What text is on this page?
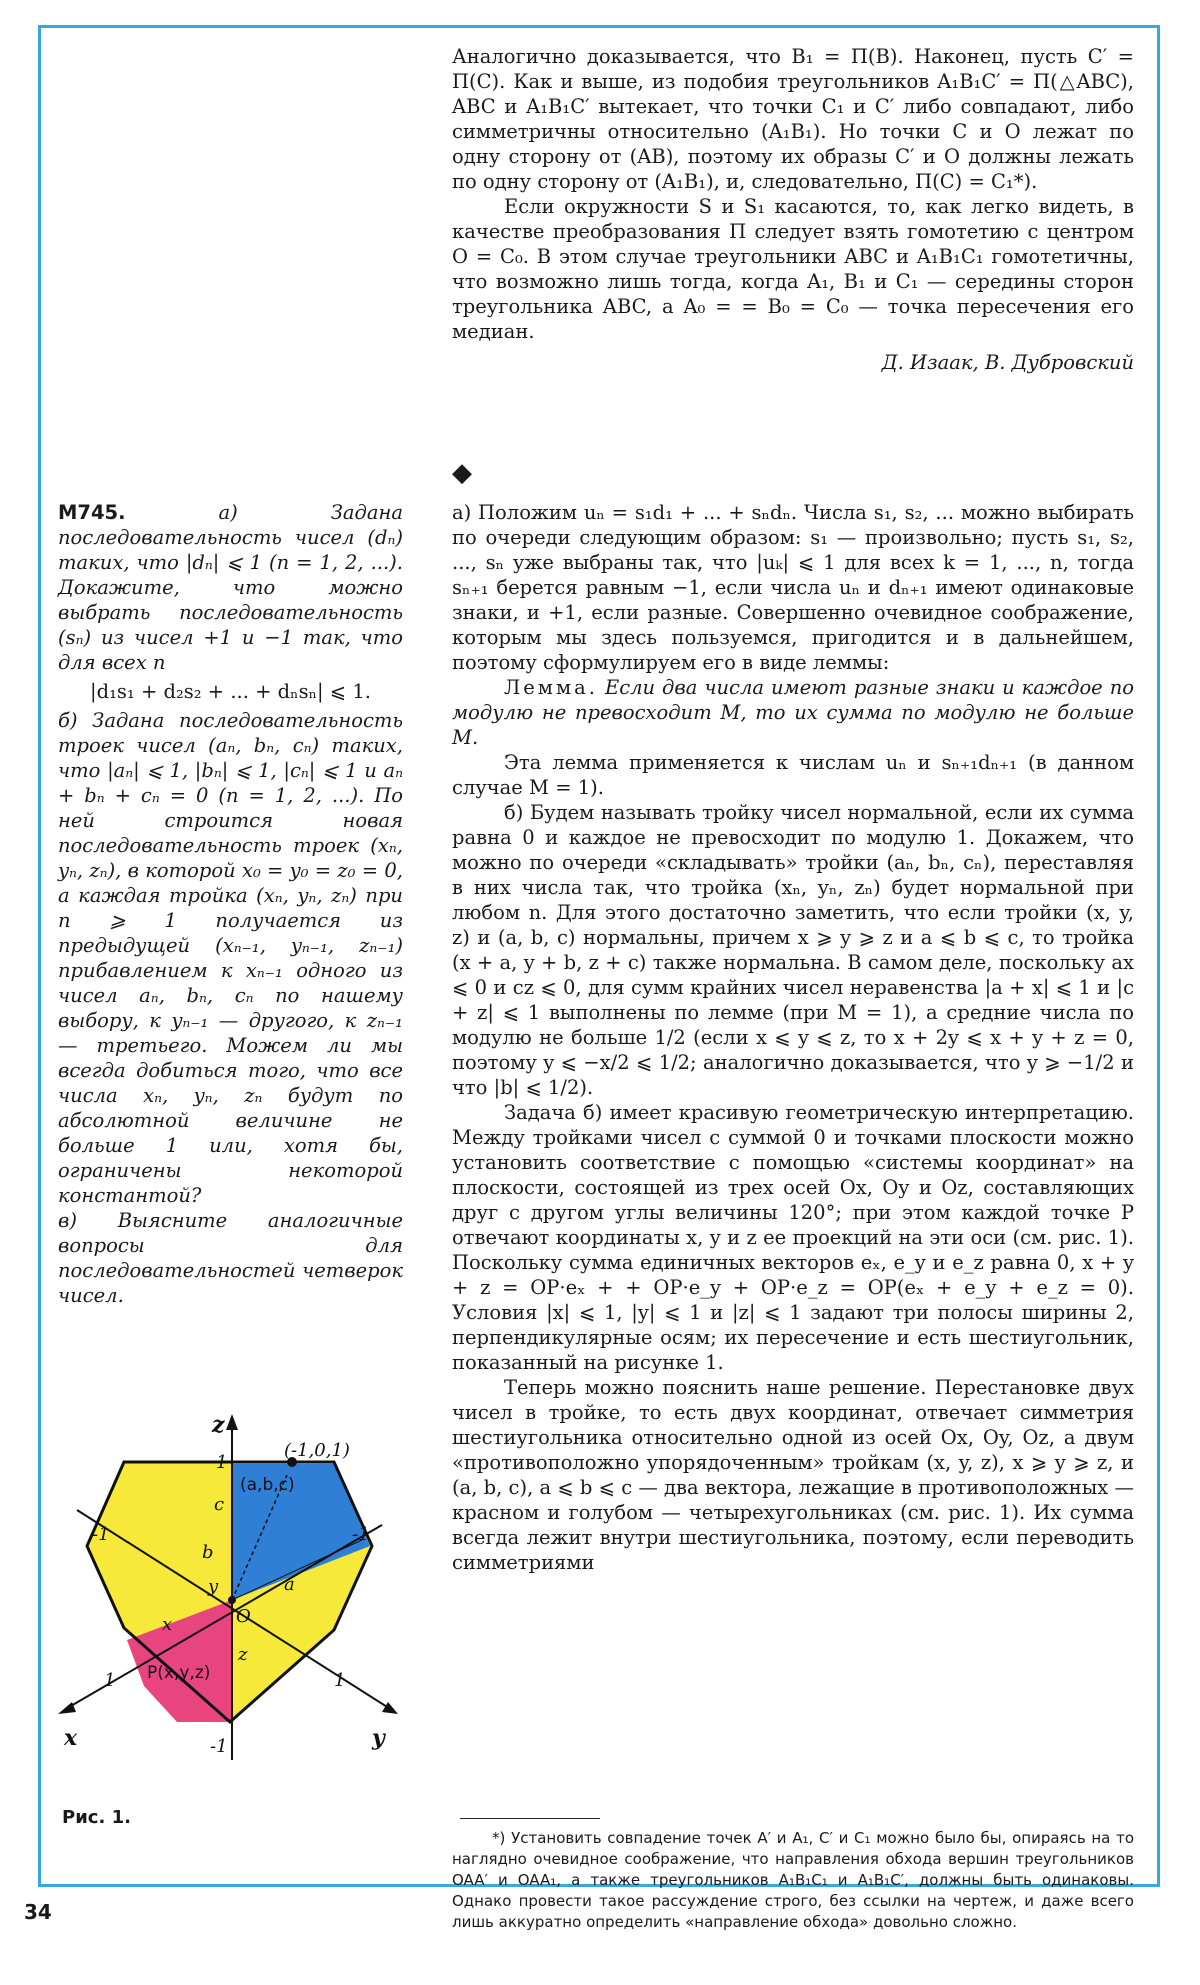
Аналогично доказывается, что B₁ = Π(B). Наконец, пусть C′ = Π(C). Как и выше, из подобия треугольников A₁B₁C′ = Π(△ABC), ABC и A₁B₁C′ вытекает, что точки C₁ и C′ либо совпадают, либо симметричны относительно (A₁B₁). Но точки C и O лежат по одну сторону от (AB), поэтому их образы C′ и O должны лежать по одну сторону от (A₁B₁), и, следовательно, Π(C) = C₁*).

Если окружности S и S₁ касаются, то, как легко видеть, в качестве преобразования Π следует взять гомотетию с центром O = C₀. В этом случае треугольники ABC и A₁B₁C₁ гомотетичны, что возможно лишь тогда, когда A₁, B₁ и C₁ — середины сторон треугольника ABC, а A₀ = = B₀ = C₀ — точка пересечения его медиан.

Д. Изаак, В. Дубровский
◆

M745.	а) Задана последовательность чисел (dₙ) таких, что |dₙ| ⩽ 1 (n = 1, 2, ...). Докажите, что можно выбрать последовательность (sₙ) из чисел +1 и −1 так, что для всех n

|d₁s₁ + d₂s₂ + ... + dₙsₙ| ⩽ 1.

б) Задана последовательность троек чисел (aₙ, bₙ, cₙ) таких, что |aₙ| ⩽ 1, |bₙ| ⩽ 1, |cₙ| ⩽ 1 и aₙ + bₙ + cₙ = 0 (n = 1, 2, ...). По ней строится новая последовательность троек (xₙ, yₙ, zₙ), в которой x₀ = y₀ = z₀ = 0, а каждая тройка (xₙ, yₙ, zₙ) при n ⩾ 1 получается из предыдущей (xₙ₋₁, yₙ₋₁, zₙ₋₁) прибавлением к xₙ₋₁ одного из чисел aₙ, bₙ, cₙ по нашему выбору, к yₙ₋₁ — другого, к zₙ₋₁ — третьего. Можем ли мы всегда добиться того, что все числа xₙ, yₙ, zₙ будут по абсолютной величине не больше 1 или, хотя бы, ограничены некоторой константой?

в) Выясните аналогичные вопросы для последовательностей четверок чисел.

а) Положим uₙ = s₁d₁ + ... + sₙdₙ. Числа s₁, s₂, ... можно выбирать по очереди следующим образом: s₁ — произвольно; пусть s₁, s₂, ..., sₙ уже выбраны так, что |uₖ| ⩽ 1 для всех k = 1, ..., n, тогда sₙ₊₁ берется равным −1, если числа uₙ и dₙ₊₁ имеют одинаковые знаки, и +1, если разные. Совершенно очевидное соображение, которым мы здесь пользуемся, пригодится и в дальнейшем, поэтому сформулируем его в виде леммы:

Лемма. Если два числа имеют разные знаки и каждое по модулю не превосходит M, то их сумма по модулю не больше M.

Эта лемма применяется к числам uₙ и sₙ₊₁dₙ₊₁ (в данном случае M = 1).

б) Будем называть тройку чисел нормальной, если их сумма равна 0 и каждое не превосходит по модулю 1. Докажем, что можно по очереди «складывать» тройки (aₙ, bₙ, cₙ), переставляя в них числа так, что тройка (xₙ, yₙ, zₙ) будет нормальной при любом n. Для этого достаточно заметить, что если тройки (x, y, z) и (a, b, c) нормальны, причем x ⩾ y ⩾ z и a ⩽ b ⩽ c, то тройка (x + a, y + b, z + c) также нормальна. В самом деле, поскольку ax ⩽ 0 и cz ⩽ 0, для сумм крайних чисел неравенства |a + x| ⩽ 1 и |c + z| ⩽ 1 выполнены по лемме (при M = 1), а средние числа по модулю не больше 1/2 (если x ⩽ y ⩽ z, то x + 2y ⩽ x + y + z = 0, поэтому y ⩽ −x/2 ⩽ 1/2; аналогично доказывается, что y ⩾ −1/2 и что |b| ⩽ 1/2).

Задача б) имеет красивую геометрическую интерпретацию. Между тройками чисел с суммой 0 и точками плоскости можно установить соответствие с помощью «системы координат» на плоскости, состоящей из трех осей Ox, Oy и Oz, составляющих друг с другом углы величины 120°; при этом каждой точке P отвечают координаты x, y и z ее проекций на эти оси (см. рис. 1). Поскольку сумма единичных векторов eₓ, e_y и e_z равна 0, x + y + z = OP·eₓ + + OP·e_y + OP·e_z = OP(eₓ + e_y + e_z = 0). Условия |x| ⩽ 1, |y| ⩽ 1 и |z| ⩽ 1 задают три полосы ширины 2, перпендикулярные осям; их пересечение и есть шестиугольник, показанный на рисунке 1.

Теперь можно пояснить наше решение. Перестановке двух чисел в тройке, то есть двух координат, отвечает симметрия шестиугольника относительно одной из осей Ox, Oy, Oz, а двум «противоположно упорядоченным» тройкам (x, y, z), x ⩾ y ⩾ z, и (a, b, c), a ⩽ b ⩽ c — два вектора, лежащие в противоположных — красном и голубом — четырехугольниках (см. рис. 1). Их сумма всегда лежит внутри шестиугольника, поэтому, если переводить симметриями

*) Установить совпадение точек A′ и A₁, C′ и C₁ можно было бы, опираясь на то наглядно очевидное соображение, что направления обхода вершин треугольников OAA′ и OAA₁, а также треугольников A₁B₁C₁ и A₁B₁C′, должны быть одинаковы. Однако провести такое рассуждение строго, без ссылки на чертеж, и даже всего лишь аккуратно определить «направление обхода» довольно сложно.
z
x	y
O
(a,b,c)
(-1,0,1)
P(x,y,z)
1
-1	-1
1	1
-1
a
b
c
x
y
z
Рис. 1.
34
